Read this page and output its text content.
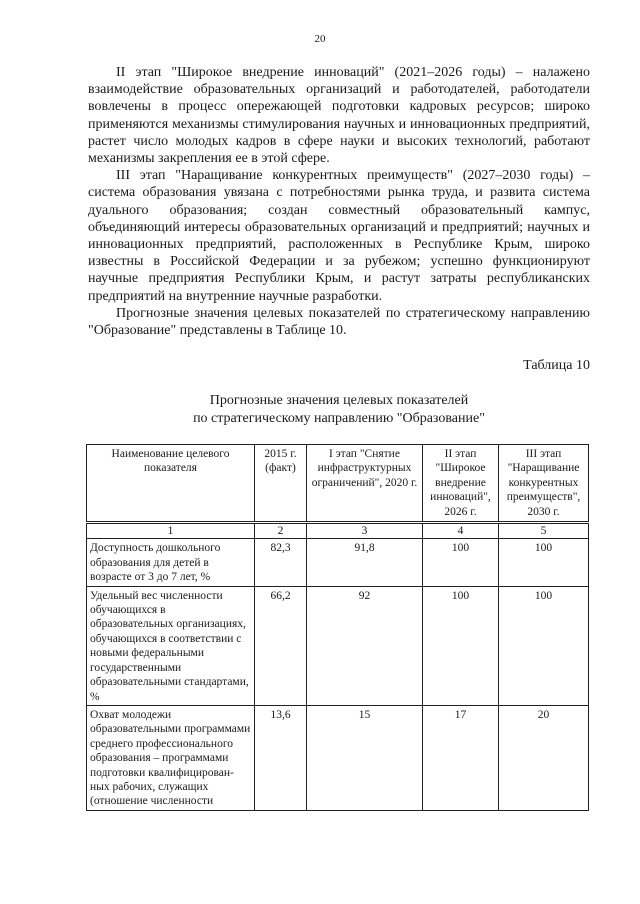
20

II этап "Широкое внедрение инноваций" (2021–2026 годы) – налажено взаимодействие образовательных организаций и работодателей, работодатели вовлечены в процесс опережающей подготовки кадровых ресурсов; широко применяются механизмы стимулирования научных и инновационных предприятий, растет число молодых кадров в сфере науки и высоких технологий, работают механизмы закрепления ее в этой сфере.

III этап "Наращивание конкурентных преимуществ" (2027–2030 годы) – система образования увязана с потребностями рынка труда, и развита система дуального образования; создан совместный образовательный кампус, объединяющий интересы образовательных организаций и предприятий; научных и инновационных предприятий, расположенных в Республике Крым, широко известны в Российской Федерации и за рубежом; успешно функционируют научные предприятия Республики Крым, и растут затраты республиканских предприятий на внутренние научные разработки.

Прогнозные значения целевых показателей по стратегическому направлению "Образование" представлены в Таблице 10.

Таблица 10
Прогнозные значения целевых показателей
по стратегическому направлению "Образование"
Наименование целевого показателя	2015 г. (факт)	I этап "Снятие инфраструктурных ограничений", 2020 г.	II этап "Широкое внедрение инноваций", 2026 г.	III этап "Наращивание конкурентных преимуществ", 2030 г.
1	2	3	4	5
Доступность дошкольного образования для детей в возрасте от 3 до 7 лет, %	82,3	91,8	100	100
Удельный вес численности обучающихся в образовательных организациях, обучающихся в соответствии с новыми федеральными государственными образовательными стандартами, %	66,2	92	100	100
Охват молодежи образовательными программами среднего профессионального образования – программами подготовки квалифицирован-ных рабочих, служащих (отношение численности	13,6	15	17	20
